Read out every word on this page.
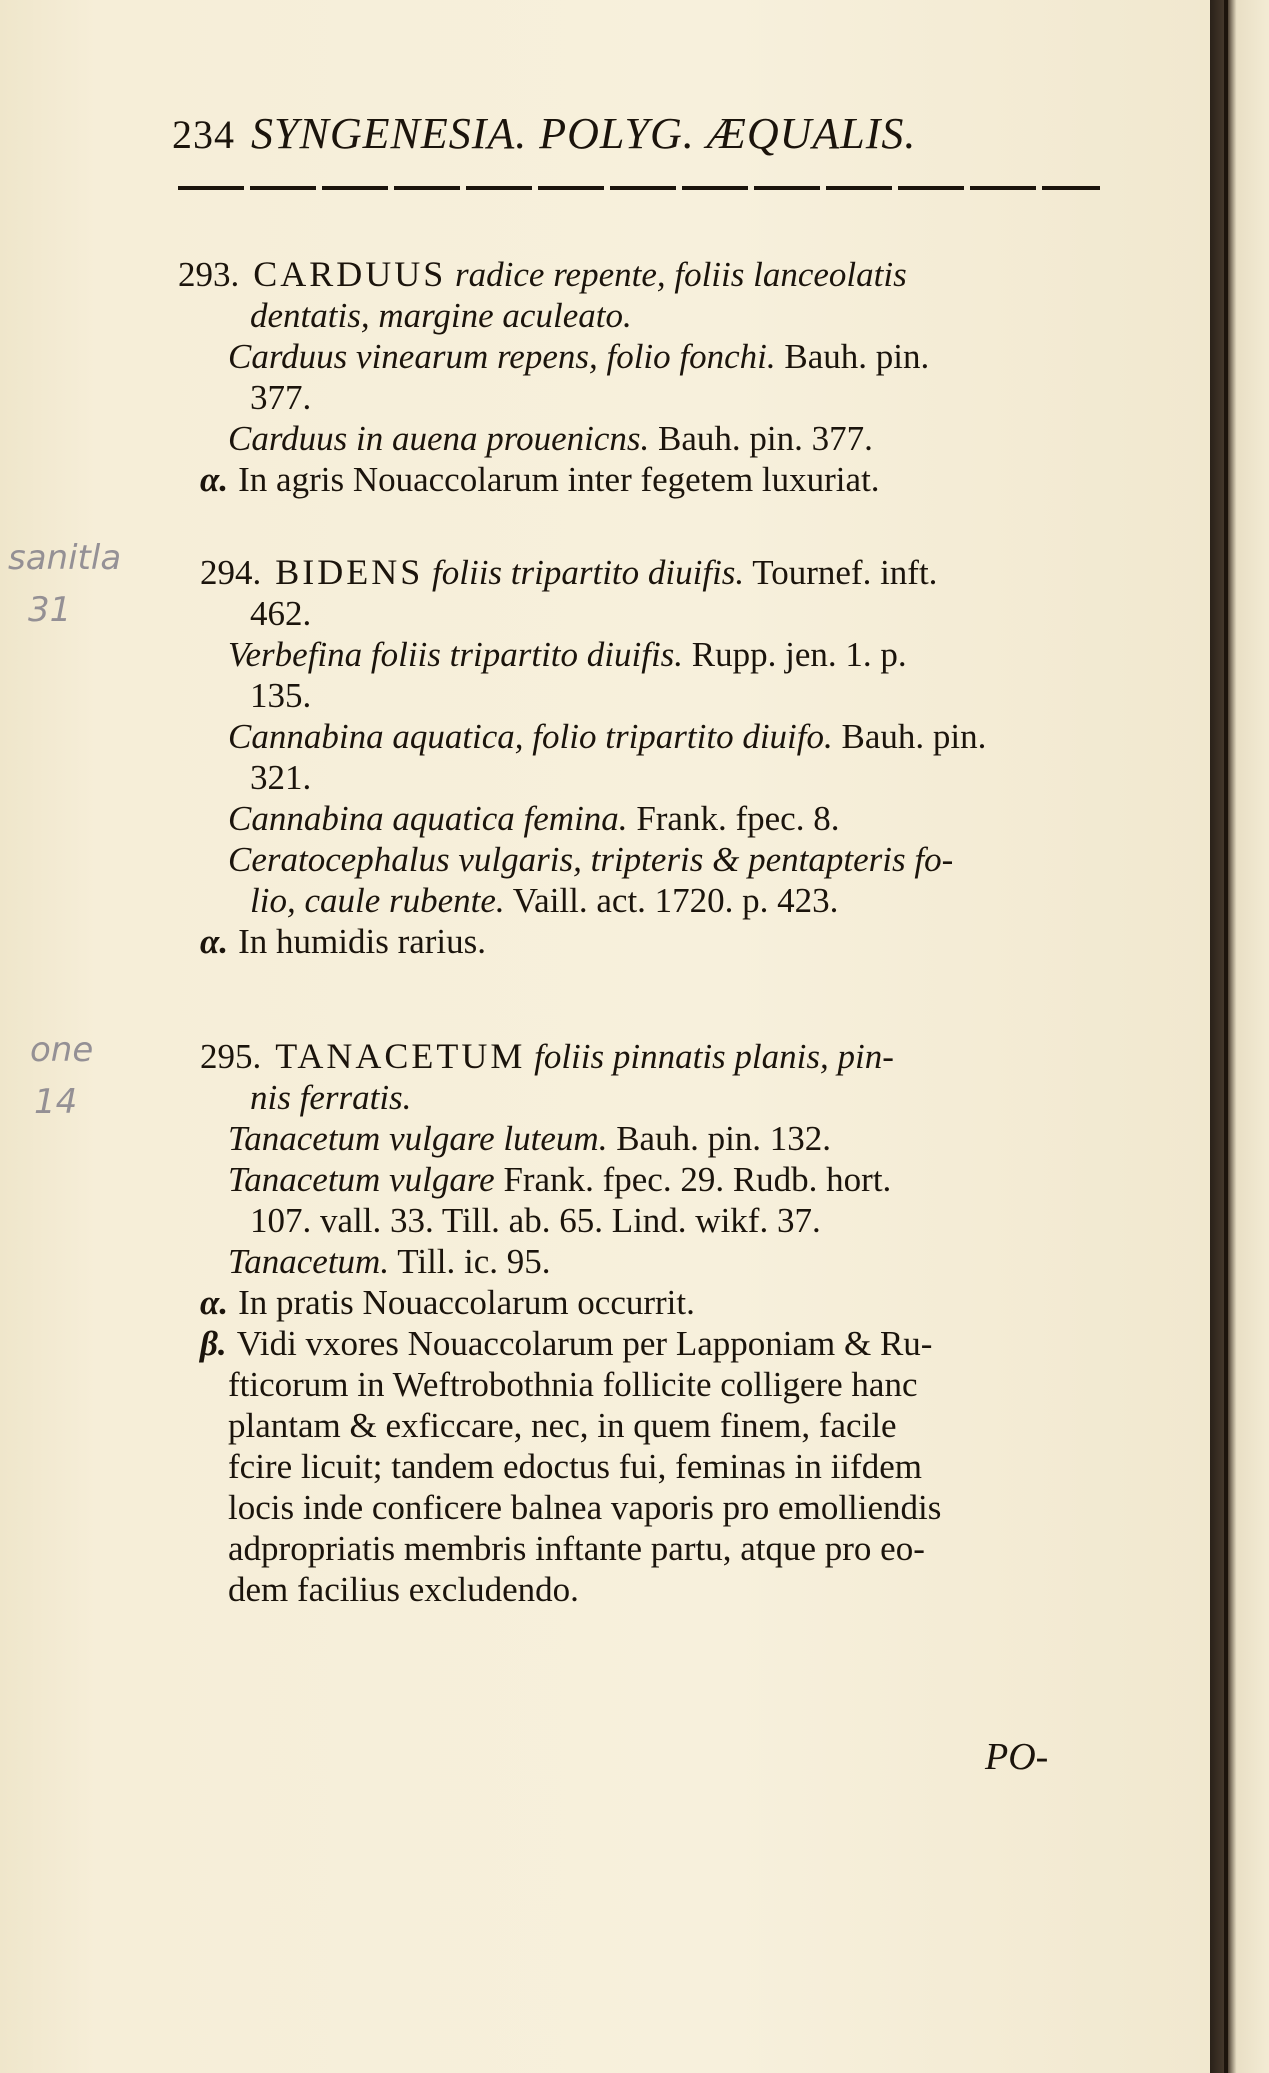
234 SYNGENESIA. POLYG. ÆQUALIS.
sanitla
31
one
14
293. CARDUUS radice repente, foliis lanceolatis
dentatis, margine aculeato.
Carduus vinearum repens, folio fonchi. Bauh. pin.
377.
Carduus in auena prouenicns. Bauh. pin. 377.
α. In agris Nouaccolarum inter fegetem luxuriat.
294. BIDENS foliis tripartito diuifis. Tournef. inft.
462.
Verbefina foliis tripartito diuifis. Rupp. jen. 1. p.
135.
Cannabina aquatica, folio tripartito diuifo. Bauh. pin.
321.
Cannabina aquatica femina. Frank. fpec. 8.
Ceratocephalus vulgaris, tripteris & pentapteris fo-
lio, caule rubente. Vaill. act. 1720. p. 423.
α. In humidis rarius.
295. TANACETUM foliis pinnatis planis, pin-
nis ferratis.
Tanacetum vulgare luteum. Bauh. pin. 132.
Tanacetum vulgare Frank. fpec. 29. Rudb. hort.
107. vall. 33. Till. ab. 65. Lind. wikf. 37.
Tanacetum. Till. ic. 95.
α. In pratis Nouaccolarum occurrit.
β. Vidi vxores Nouaccolarum per Lapponiam & Ru-
fticorum in Weftrobothnia follicite colligere hanc
plantam & exficcare, nec, in quem finem, facile
fcire licuit; tandem edoctus fui, feminas in iifdem
locis inde conficere balnea vaporis pro emolliendis
adpropriatis membris inftante partu, atque pro eo-
dem facilius excludendo.
PO-
